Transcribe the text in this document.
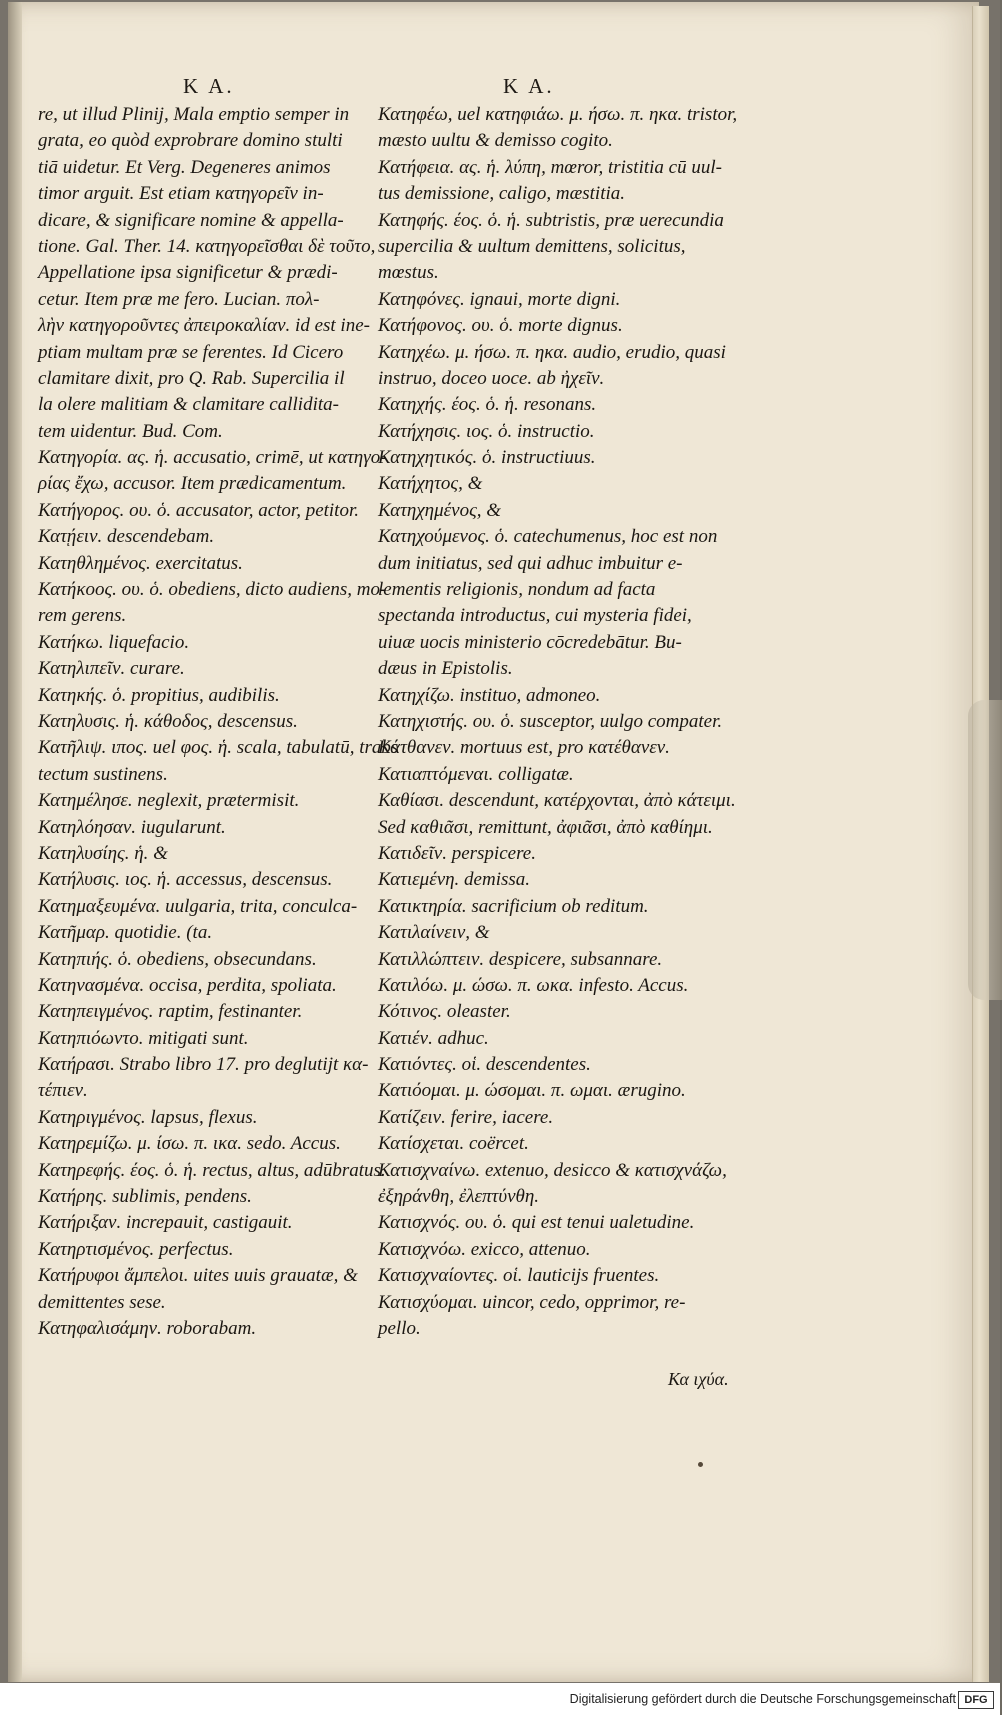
K A.	K A.
re, ut illud Plinij, Mala emptio semper in
grata, eo quòd exprobrare domino stulti
tiā uidetur. Et Verg. Degeneres animos
timor arguit. Est etiam κατηγορεῖν in-
dicare, & significare nomine & appella-
tione. Gal. Ther. 14. κατηγορεῖσθαι δὲ τοῦτο,
Appellatione ipsa significetur & prædi-
cetur. Item præ me fero. Lucian. πολ-
λὴν κατηγοροῦντες ἀπειροκαλίαν. id est ine-
ptiam multam præ se ferentes. Id Cicero
clamitare dixit, pro Q. Rab. Supercilia il
la olere malitiam & clamitare callidita-
tem uidentur. Bud. Com.
Κατηγορία. ας. ἡ. accusatio, crimē, ut κατηγο-
ρίας ἔχω, accusor. Item prædicamentum.
Κατήγορος. ου. ὁ. accusator, actor, petitor.
Κατῄειν. descendebam.
Κατηθλημένος. exercitatus.
Κατήκοος. ου. ὁ. obediens, dicto audiens, mo-
rem gerens.
Κατήκω. liquefacio.
Κατηλιπεῖν. curare.
Κατηκής. ὁ. propitius, audibilis.
Κατηλυσις. ἡ. κάθοδος, descensus.
Κατῆλιψ. ιπος. uel φος. ἡ. scala, tabulatū, trabs
tectum sustinens.
Κατημέλησε. neglexit, prætermisit.
Κατηλόησαν. iugularunt.
Κατηλυσίης. ἡ. &
Κατήλυσις. ιος. ἡ. accessus, descensus.
Κατημαξευμένα. uulgaria, trita, conculca-
Κατῆμαρ. quotidie. (ta.
Κατηπιής. ὁ. obediens, obsecundans.
Κατηνασμένα. occisa, perdita, spoliata.
Κατηπειγμένος. raptim, festinanter.
Κατηπιόωντο. mitigati sunt.
Κατήρασι. Strabo libro 17. pro deglutijt κα-
τέπιεν.
Κατηριγμένος. lapsus, flexus.
Κατηρεμίζω. μ. ίσω. π. ικα. sedo. Accus.
Κατηρεφής. έος. ὁ. ἡ. rectus, altus, adūbratus.
Κατήρης. sublimis, pendens.
Κατήριξαν. increpauit, castigauit.
Κατηρτισμένος. perfectus.
Κατήρυφοι ἄμπελοι. uites uuis grauatæ, &
demittentes sese.
Κατηφαλισάμην. roborabam.
Κατηφέω, uel κατηφιάω. μ. ήσω. π. ηκα. tristor,
mæsto uultu & demisso cogito.
Κατήφεια. ας. ἡ. λύπη, mœror, tristitia cū uul-
tus demissione, caligo, mæstitia.
Κατηφής. έος. ὁ. ἡ. subtristis, præ uerecundia
supercilia & uultum demittens, solicitus,
mœstus.
Κατηφόνες. ignaui, morte digni.
Κατήφονος. ου. ὁ. morte dignus.
Κατηχέω. μ. ήσω. π. ηκα. audio, erudio, quasi
instruo, doceo uoce. ab ἠχεῖν.
Κατηχής. έος. ὁ. ἡ. resonans.
Κατήχησις. ιος. ὁ. instructio.
Κατηχητικός. ὁ. instructiuus.
Κατήχητος, &
Κατηχημένος, &
Κατηχούμενος. ὁ. catechumenus, hoc est non
dum initiatus, sed qui adhuc imbuitur e-
lementis religionis, nondum ad facta
spectanda introductus, cui mysteria fidei,
uiuæ uocis ministerio cōcredebātur. Bu-
dæus in Epistolis.
Κατηχίζω. instituo, admoneo.
Κατηχιστής. ου. ὁ. susceptor, uulgo compater.
Κάτθανεν. mortuus est, pro κατέθανεν.
Κατιαπτόμεναι. colligatæ.
Καθίασι. descendunt, κατέρχονται, ἀπὸ κάτειμι.
Sed καθιᾶσι, remittunt, ἀφιᾶσι, ἀπὸ καθίημι.
Κατιδεῖν. perspicere.
Κατιεμένη. demissa.
Κατικτηρία. sacrificium ob reditum.
Κατιλαίνειν, &
Κατιλλώπτειν. despicere, subsannare.
Κατιλόω. μ. ώσω. π. ωκα. infesto. Accus.
Κότινος. oleaster.
Κατιέν. adhuc.
Κατιόντες. οἱ. descendentes.
Κατιόομαι. μ. ώσομαι. π. ωμαι. ærugino.
Κατίζειν. ferire, iacere.
Κατίσχεται. coërcet.
Κατισχναίνω. extenuo, desicco & κατισχνάζω,
ἐξηράνθη, ἐλεπτύνθη.
Κατισχνός. ου. ὁ. qui est tenui ualetudine.
Κατισχνόω. exicco, attenuo.
Κατισχναίοντες. οἱ. lauticijs fruentes.
Κατισχύομαι. uincor, cedo, opprimor, re-
pello.
Κα ιχύα.
Digitalisierung gefördert durch die Deutsche Forschungsgemeinschaft DFG
